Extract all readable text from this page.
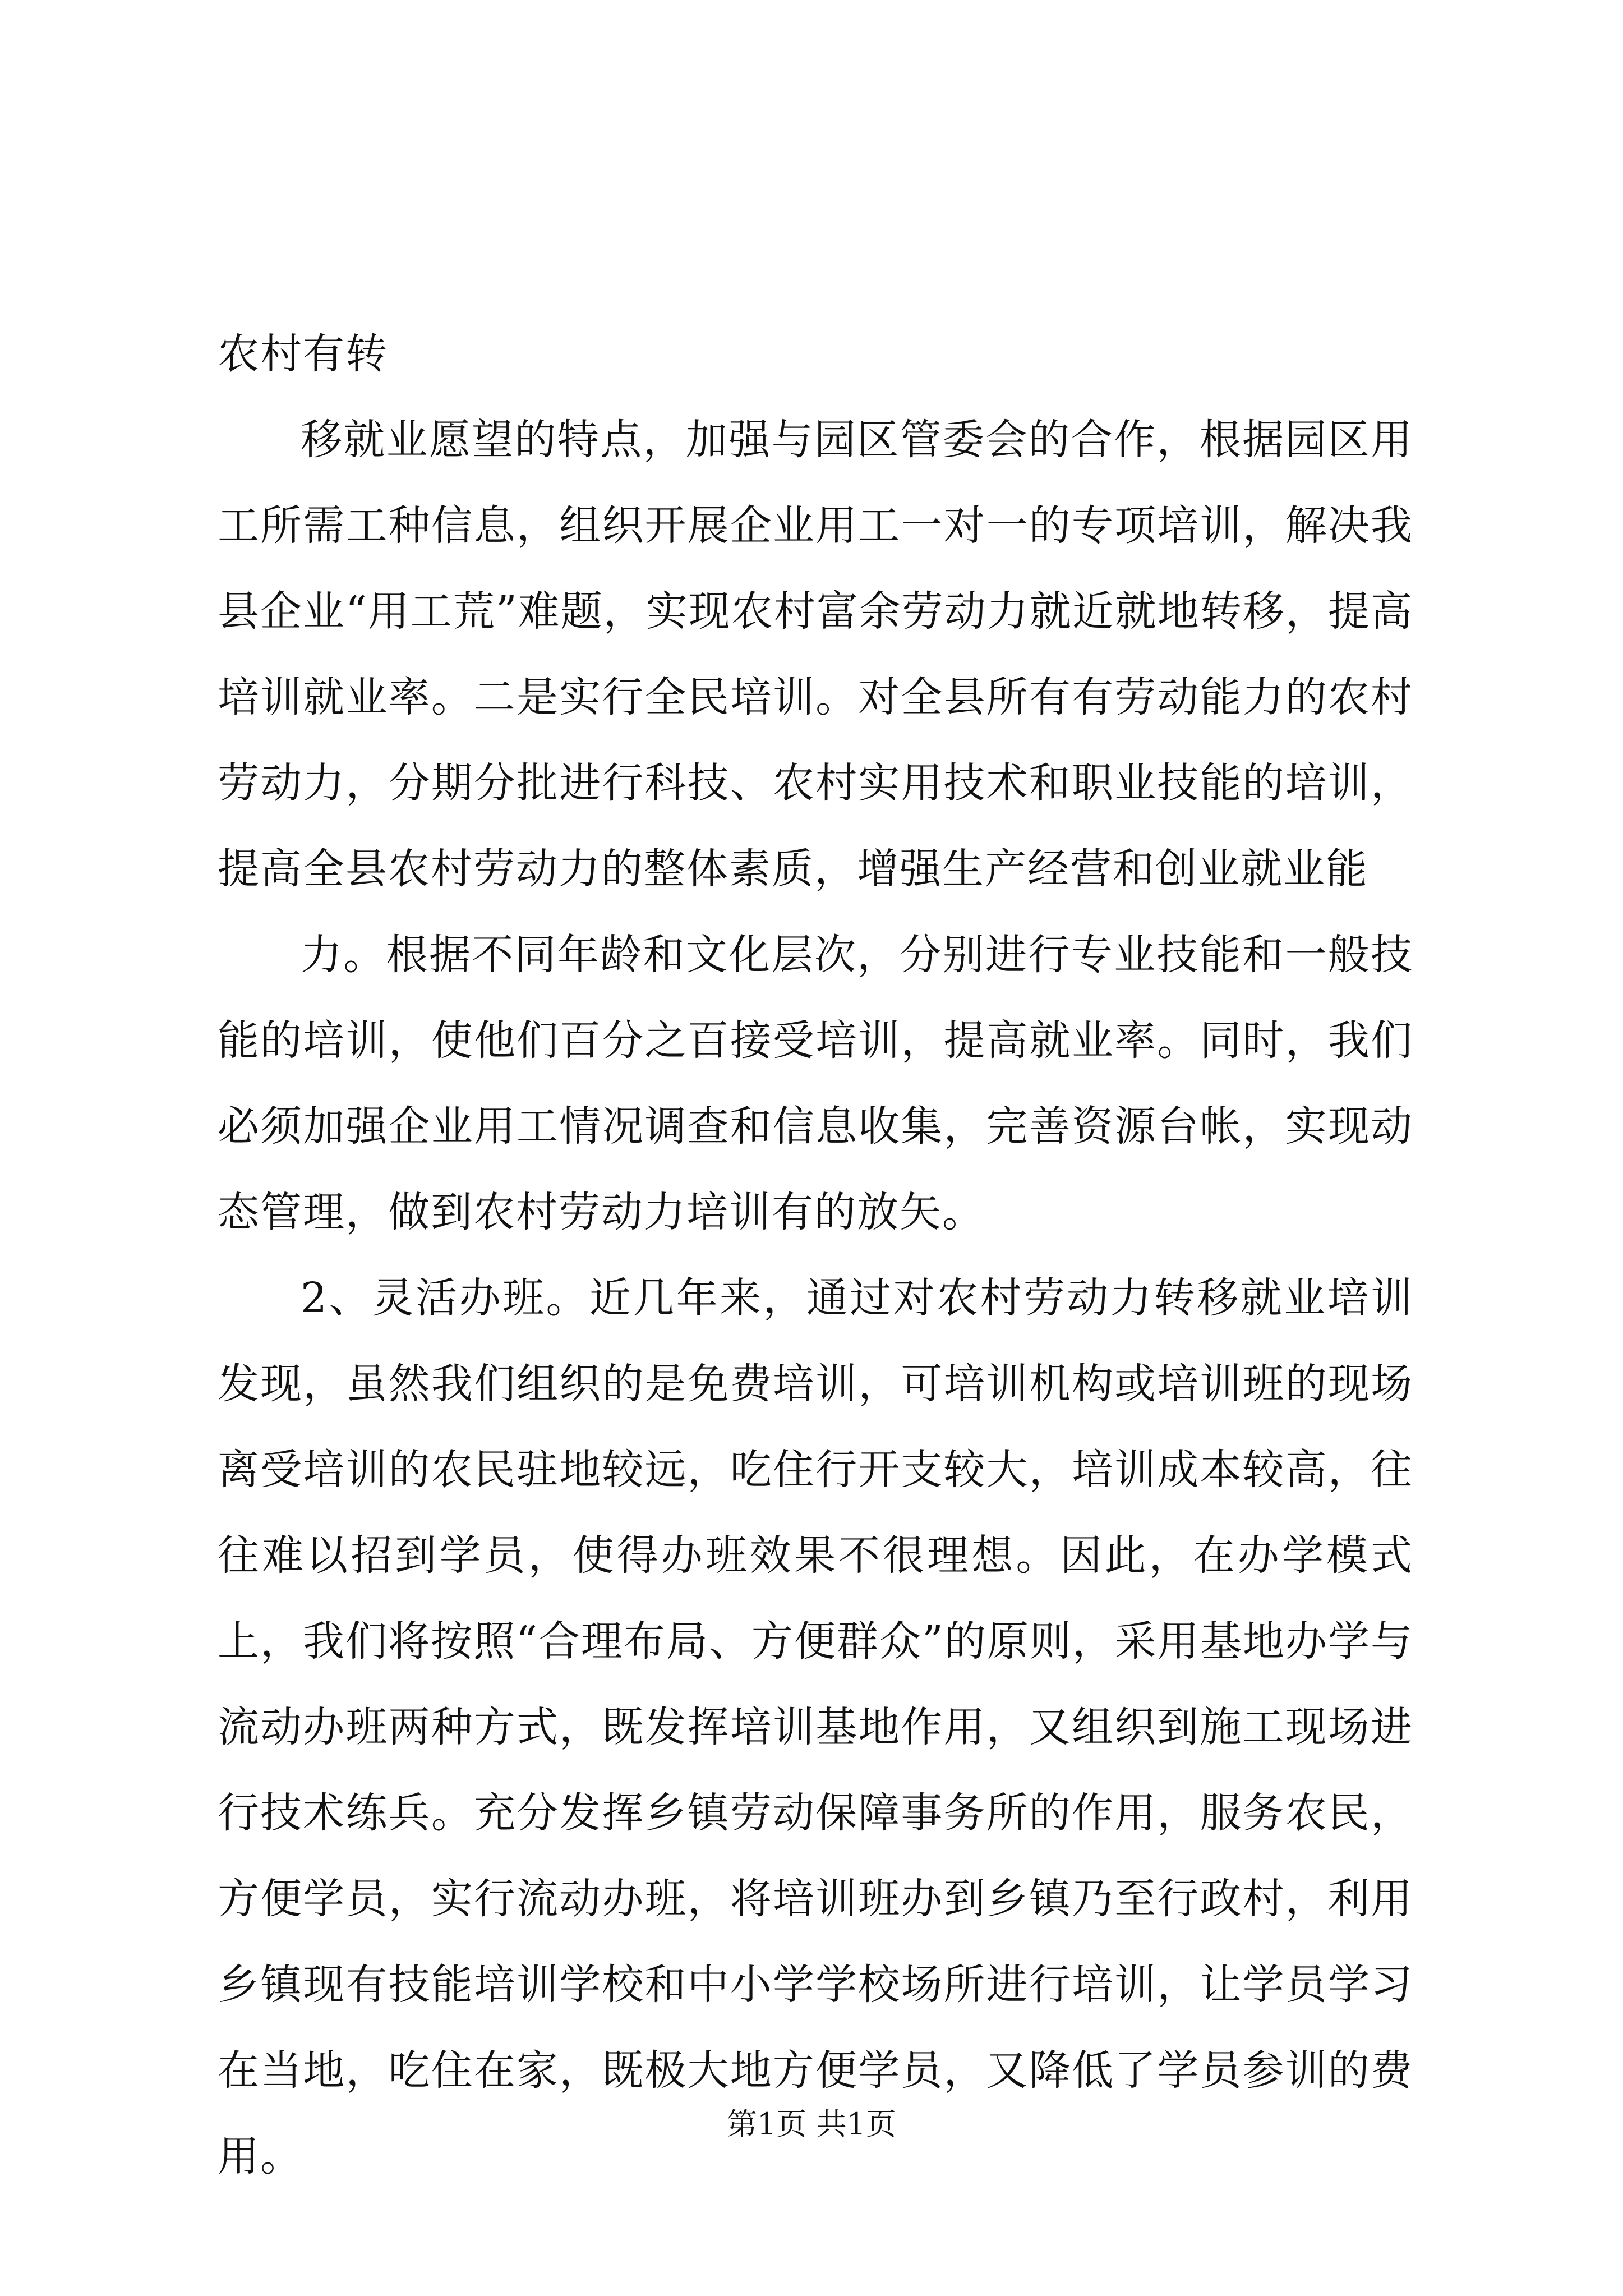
农村有转

移就业愿望的特点，加强与园区管委会的合作，根据园区用工所需工种信息，组织开展企业用工一对一的专项培训，解决我县企业“用工荒”难题，实现农村富余劳动力就近就地转移，提高培训就业率。二是实行全民培训。对全县所有有劳动能力的农村劳动力，分期分批进行科技、农村实用技术和职业技能的培训，提高全县农村劳动力的整体素质，增强生产经营和创业就业能

力。根据不同年龄和文化层次，分别进行专业技能和一般技能的培训，使他们百分之百接受培训，提高就业率。同时，我们必须加强企业用工情况调查和信息收集，完善资源台帐，实现动态管理，做到农村劳动力培训有的放矢。

2、灵活办班。近几年来，通过对农村劳动力转移就业培训发现，虽然我们组织的是免费培训，可培训机构或培训班的现场离受培训的农民驻地较远，吃住行开支较大，培训成本较高，往往难以招到学员，使得办班效果不很理想。因此，在办学模式上，我们将按照“合理布局、方便群众”的原则，采用基地办学与流动办班两种方式，既发挥培训基地作用，又组织到施工现场进行技术练兵。充分发挥乡镇劳动保障事务所的作用，服务农民，方便学员，实行流动办班，将培训班办到乡镇乃至行政村，利用乡镇现有技能培训学校和中小学学校场所进行培训，让学员学习在当地，吃住在家，既极大地方便学员，又降低了学员参训的费用。

第1页 共1页
